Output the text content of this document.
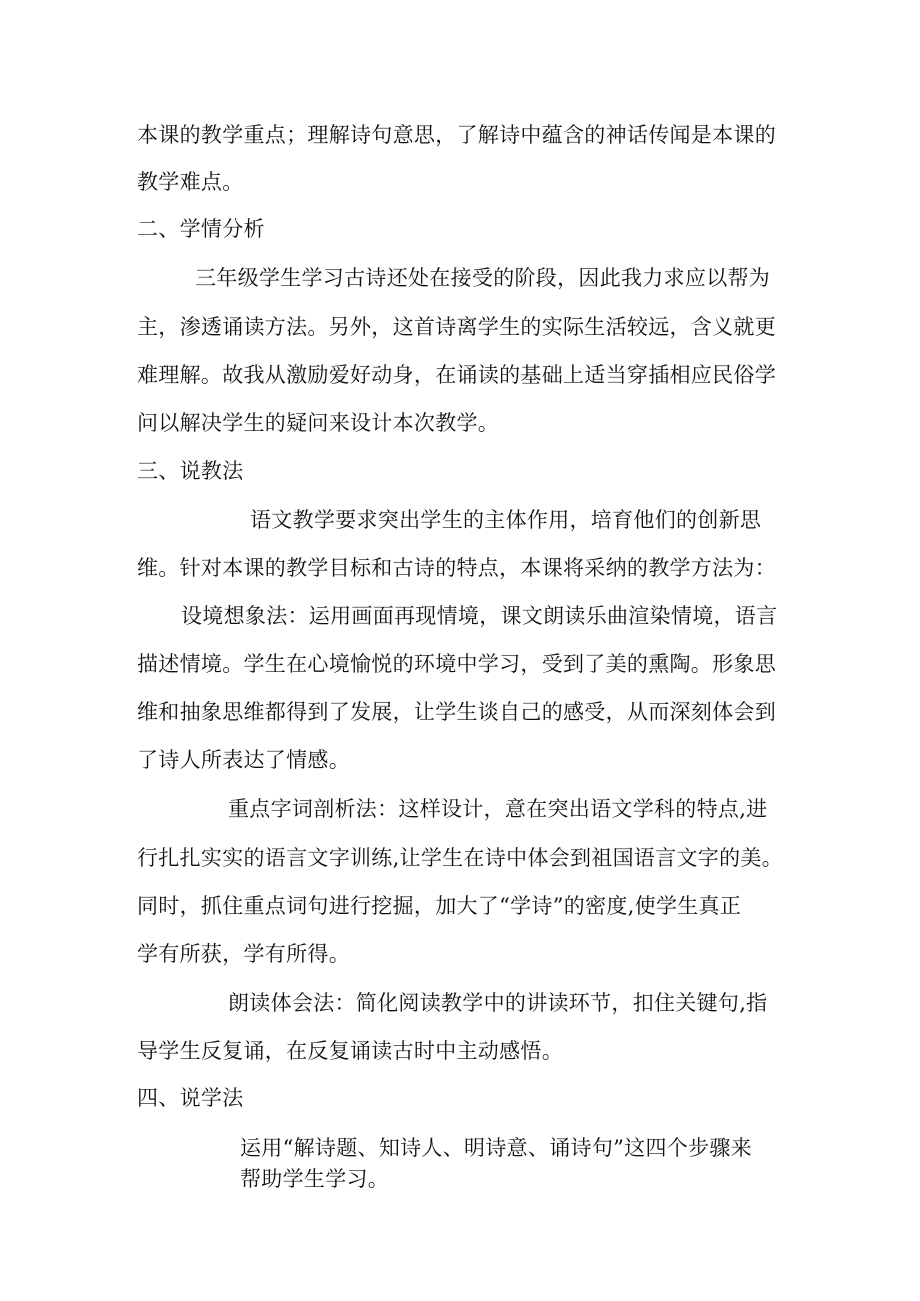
本课的教学重点；理解诗句意思，了解诗中蕴含的神话传闻是本课的

教学难点。

二、学情分析

三年级学生学习古诗还处在接受的阶段，因此我力求应以帮为

主，渗透诵读方法。另外，这首诗离学生的实际生活较远，含义就更

难理解。故我从激励爱好动身，在诵读的基础上适当穿插相应民俗学

问以解决学生的疑问来设计本次教学。

三、说教法

语文教学要求突出学生的主体作用，培育他们的创新思

维。针对本课的教学目标和古诗的特点，本课将采纳的教学方法为：

设境想象法：运用画面再现情境，课文朗读乐曲渲染情境，语言

描述情境。学生在心境愉悦的环境中学习，受到了美的熏陶。形象思

维和抽象思维都得到了发展，让学生谈自己的感受，从而深刻体会到

了诗人所表达了情感。

重点字词剖析法：这样设计，意在突出语文学科的特点,进

行扎扎实实的语言文字训练,让学生在诗中体会到祖国语言文字的美。

同时，抓住重点词句进行挖掘，加大了“学诗”的密度,使学生真正

学有所获，学有所得。

朗读体会法：简化阅读教学中的讲读环节，扣住关键句,指

导学生反复诵，在反复诵读古时中主动感悟。

四、说学法

运用“解诗题、知诗人、明诗意、诵诗句”这四个步骤来

帮助学生学习。
